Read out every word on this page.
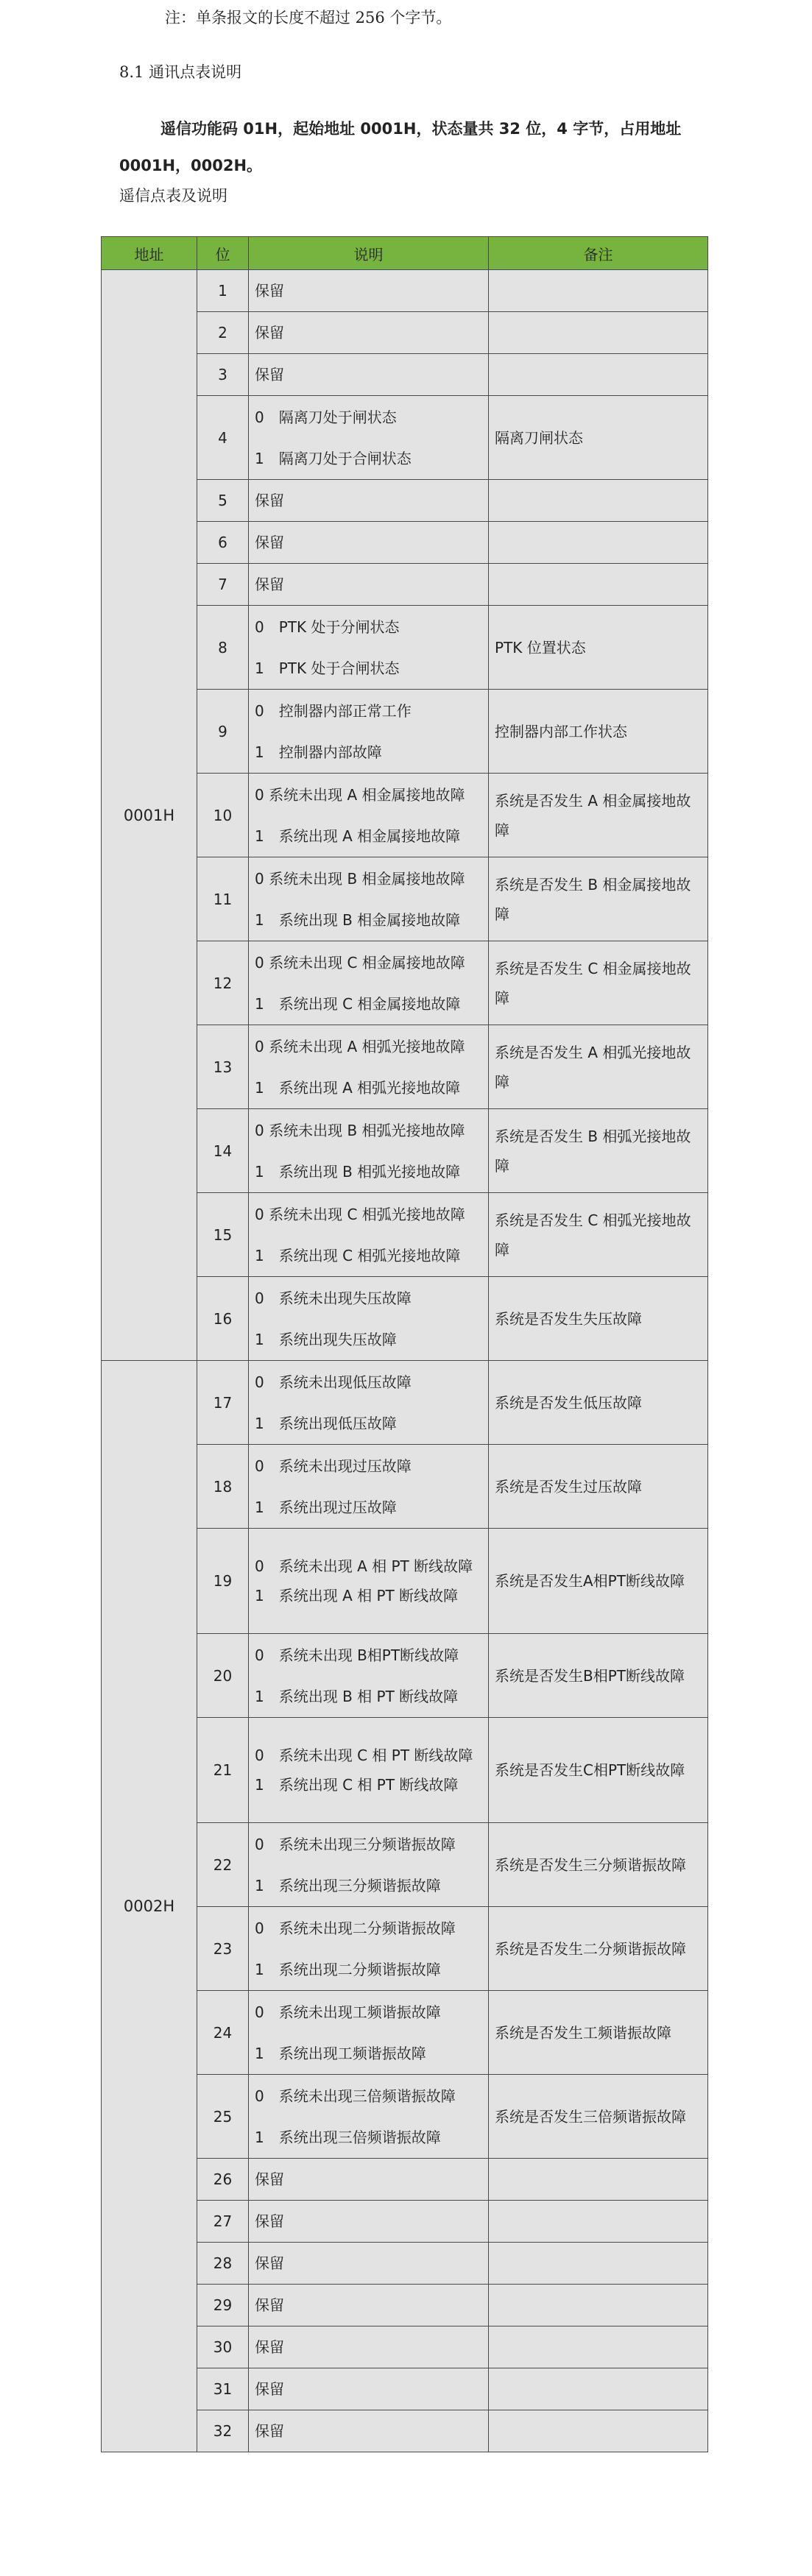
注：单条报文的长度不超过 256 个字节。
8.1 通讯点表说明
遥信功能码 01H，起始地址 0001H，状态量共 32 位，4 字节，占用地址
0001H，0002H。
遥信点表及说明
地址	位	说明	备注
0001H	1	保留	

	2	保留	

	3	保留	

	4	0　隔离刀处于闸状态
1　隔离刀处于合闸状态	隔离刀闸状态
	5	保留	

	6	保留	

	7	保留	

	8	0　PTK 处于分闸状态
1　PTK 处于合闸状态	PTK 位置状态
	9	0　控制器内部正常工作
1　控制器内部故障	控制器内部工作状态
	10	0 系统未出现 A 相金属接地故障
1　系统出现 A 相金属接地故障	系统是否发生 A 相金属接地故障
	11	0 系统未出现 B 相金属接地故障
1　系统出现 B 相金属接地故障	系统是否发生 B 相金属接地故障
	12	0 系统未出现 C 相金属接地故障
1　系统出现 C 相金属接地故障	系统是否发生 C 相金属接地故障
	13	0 系统未出现 A 相弧光接地故障
1　系统出现 A 相弧光接地故障	系统是否发生 A 相弧光接地故障
	14	0 系统未出现 B 相弧光接地故障
1　系统出现 B 相弧光接地故障	系统是否发生 B 相弧光接地故障
	15	0 系统未出现 C 相弧光接地故障
1　系统出现 C 相弧光接地故障	系统是否发生 C 相弧光接地故障
	16	0　系统未出现失压故障
1　系统出现失压故障	系统是否发生失压故障
0002H	17	0　系统未出现低压故障
1　系统出现低压故障	系统是否发生低压故障
	18	0　系统未出现过压故障
1　系统出现过压故障	系统是否发生过压故障
	19	0　系统未出现 A 相 PT 断线故障
1　系统出现 A 相 PT 断线故障	系统是否发生A相PT断线故障
	20	0　系统未出现 B相PT断线故障
1　系统出现 B 相 PT 断线故障	系统是否发生B相PT断线故障
	21	0　系统未出现 C 相 PT 断线故障
1　系统出现 C 相 PT 断线故障	系统是否发生C相PT断线故障
	22	0　系统未出现三分频谐振故障
1　系统出现三分频谐振故障	系统是否发生三分频谐振故障
	23	0　系统未出现二分频谐振故障
1　系统出现二分频谐振故障	系统是否发生二分频谐振故障
	24	0　系统未出现工频谐振故障
1　系统出现工频谐振故障	系统是否发生工频谐振故障
	25	0　系统未出现三倍频谐振故障
1　系统出现三倍频谐振故障	系统是否发生三倍频谐振故障
	26	保留	

	27	保留	

	28	保留	

	29	保留	

	30	保留	

	31	保留	

	32	保留	
